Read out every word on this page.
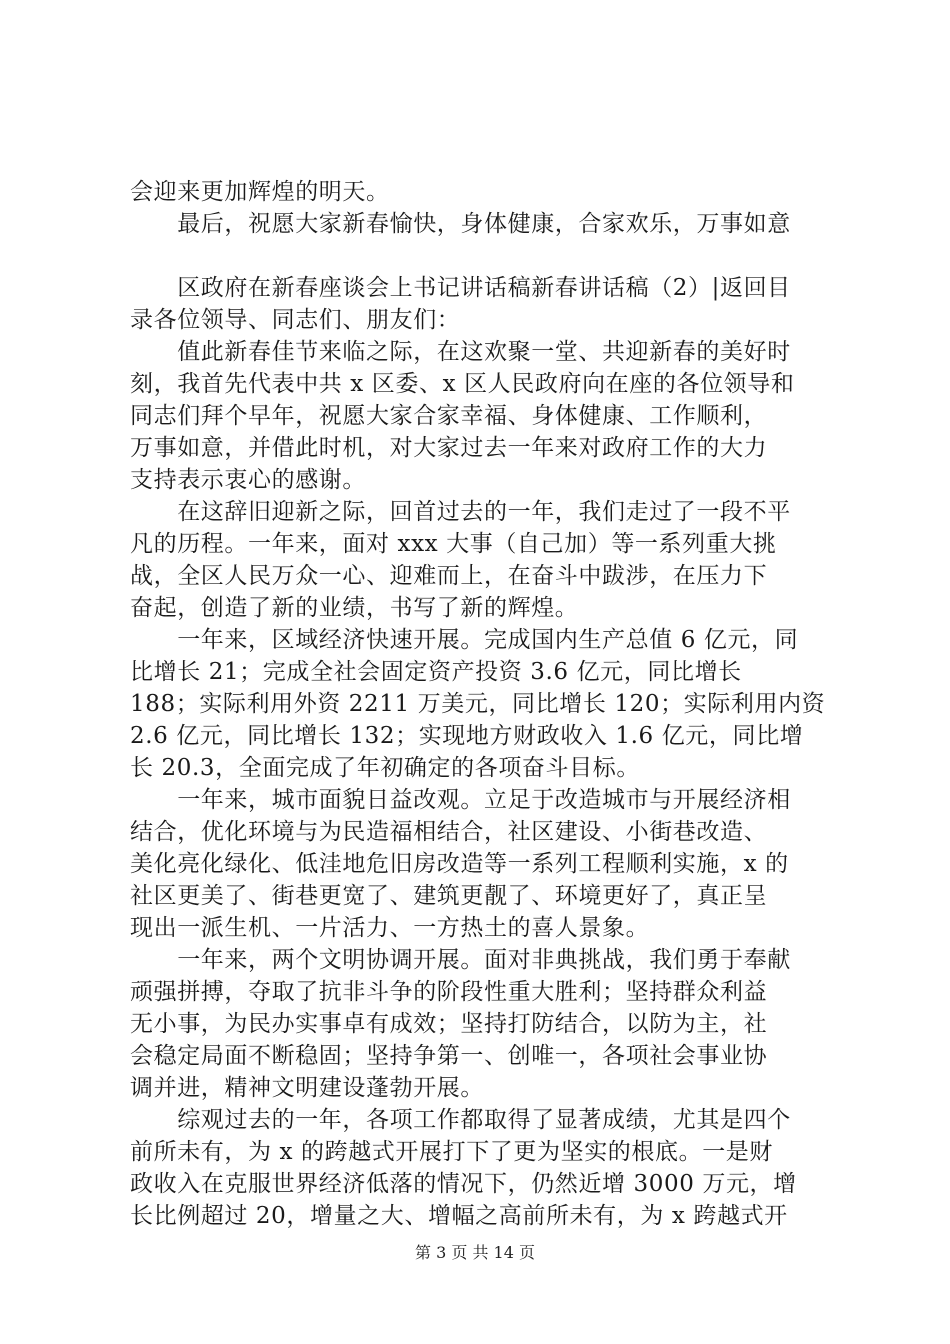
会迎来更加辉煌的明天。
　　最后，祝愿大家新春愉快，身体健康，合家欢乐，万事如意
　　区政府在新春座谈会上书记讲话稿新春讲话稿（2）|返回目
录各位领导、同志们、朋友们：
　　值此新春佳节来临之际，在这欢聚一堂、共迎新春的美好时
刻，我首先代表中共 x 区委、x 区人民政府向在座的各位领导和
同志们拜个早年，祝愿大家合家幸福、身体健康、工作顺利，
万事如意，并借此时机，对大家过去一年来对政府工作的大力
支持表示衷心的感谢。
　　在这辞旧迎新之际，回首过去的一年，我们走过了一段不平
凡的历程。一年来，面对 xxx 大事（自己加）等一系列重大挑
战，全区人民万众一心、迎难而上，在奋斗中跋涉，在压力下
奋起，创造了新的业绩，书写了新的辉煌。
　　一年来，区域经济快速开展。完成国内生产总值 6 亿元，同
比增长 21；完成全社会固定资产投资 3.6 亿元，同比增长
188；实际利用外资 2211 万美元，同比增长 120；实际利用内资
2.6 亿元，同比增长 132；实现地方财政收入 1.6 亿元，同比增
长 20.3，全面完成了年初确定的各项奋斗目标。
　　一年来，城市面貌日益改观。立足于改造城市与开展经济相
结合，优化环境与为民造福相结合，社区建设、小街巷改造、
美化亮化绿化、低洼地危旧房改造等一系列工程顺利实施，x 的
社区更美了、街巷更宽了、建筑更靓了、环境更好了，真正呈
现出一派生机、一片活力、一方热土的喜人景象。
　　一年来，两个文明协调开展。面对非典挑战，我们勇于奉献
顽强拼搏，夺取了抗非斗争的阶段性重大胜利；坚持群众利益
无小事，为民办实事卓有成效；坚持打防结合，以防为主，社
会稳定局面不断稳固；坚持争第一、创唯一，各项社会事业协
调并进，精神文明建设蓬勃开展。
　　综观过去的一年，各项工作都取得了显著成绩，尤其是四个
前所未有，为 x 的跨越式开展打下了更为坚实的根底。一是财
政收入在克服世界经济低落的情况下，仍然近增 3000 万元，增
长比例超过 20，增量之大、增幅之高前所未有，为 x 跨越式开
第 3 页 共 14 页
